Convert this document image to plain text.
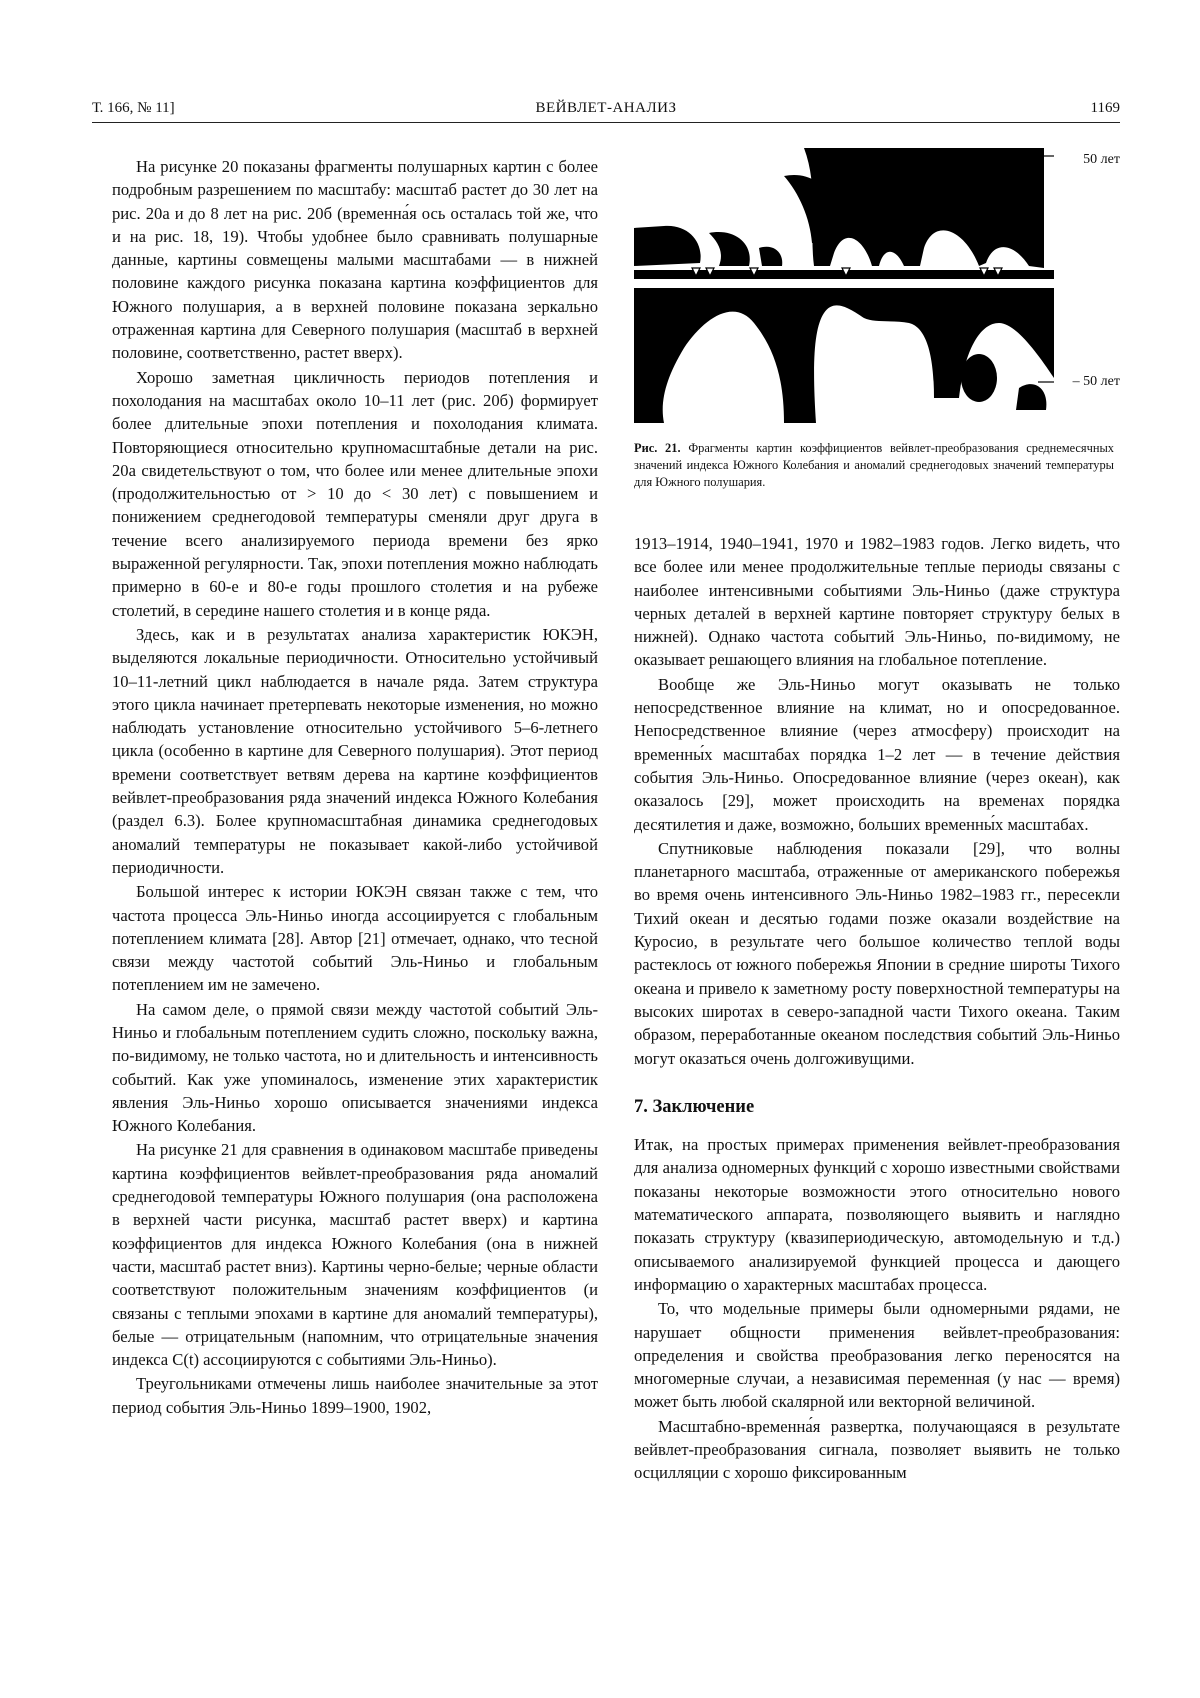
Т. 166, № 11]	ВЕЙВЛЕТ-АНАЛИЗ	1169

На рисунке 20 показаны фрагменты полушарных картин с более подробным разрешением по масштабу: масштаб растет до 30 лет на рис. 20а и до 8 лет на рис. 20б (временна́я ось осталась той же, что и на рис. 18, 19). Чтобы удобнее было сравнивать полушарные данные, картины совмещены малыми масштабами — в нижней половине каждого рисунка показана картина коэффициентов для Южного полушария, а в верхней половине показана зеркально отраженная картина для Северного полушария (масштаб в верхней половине, соответственно, растет вверх).

Хорошо заметная цикличность периодов потепления и похолодания на масштабах около 10–11 лет (рис. 20б) формирует более длительные эпохи потепления и похолодания климата. Повторяющиеся относительно крупномасштабные детали на рис. 20а свидетельствуют о том, что более или менее длительные эпохи (продолжительностью от > 10 до < 30 лет) с повышением и понижением среднегодовой температуры сменяли друг друга в течение всего анализируемого периода времени без ярко выраженной регулярности. Так, эпохи потепления можно наблюдать примерно в 60-е и 80-е годы прошлого столетия и на рубеже столетий, в середине нашего столетия и в конце ряда.

Здесь, как и в результатах анализа характеристик ЮКЭН, выделяются локальные периодичности. Относительно устойчивый 10–11-летний цикл наблюдается в начале ряда. Затем структура этого цикла начинает претерпевать некоторые изменения, но можно наблюдать установление относительно устойчивого 5–6-летнего цикла (особенно в картине для Северного полушария). Этот период времени соответствует ветвям дерева на картине коэффициентов вейвлет-преобразования ряда значений индекса Южного Колебания (раздел 6.3). Более крупномасштабная динамика среднегодовых аномалий температуры не показывает какой-либо устойчивой периодичности.

Большой интерес к истории ЮКЭН связан также с тем, что частота процесса Эль-Ниньо иногда ассоциируется с глобальным потеплением климата [28]. Автор [21] отмечает, однако, что тесной связи между частотой событий Эль-Ниньо и глобальным потеплением им не замечено.

На самом деле, о прямой связи между частотой событий Эль-Ниньо и глобальным потеплением судить сложно, поскольку важна, по-видимому, не только частота, но и длительность и интенсивность событий. Как уже упоминалось, изменение этих характеристик явления Эль-Ниньо хорошо описывается значениями индекса Южного Колебания.

На рисунке 21 для сравнения в одинаковом масштабе приведены картина коэффициентов вейвлет-преобразования ряда аномалий среднегодовой температуры Южного полушария (она расположена в верхней части рисунка, масштаб растет вверх) и картина коэффициентов для индекса Южного Колебания (она в нижней части, масштаб растет вниз). Картины черно-белые; черные области соответствуют положительным значениям коэффициентов (и связаны с теплыми эпохами в картине для аномалий температуры), белые — отрицательным (напомним, что отрицательные значения индекса C(t) ассоциируются с событиями Эль-Ниньо).

Треугольниками отмечены лишь наиболее значительные за этот период события Эль-Ниньо 1899–1900, 1902,

50 лет
– 50 лет
Рис. 21. Фрагменты картин коэффициентов вейвлет-преобразования среднемесячных значений индекса Южного Колебания и аномалий среднегодовых значений температуры для Южного полушария.

1913–1914, 1940–1941, 1970 и 1982–1983 годов. Легко видеть, что все более или менее продолжительные теплые периоды связаны с наиболее интенсивными событиями Эль-Ниньо (даже структура черных деталей в верхней картине повторяет структуру белых в нижней). Однако частота событий Эль-Ниньо, по-видимому, не оказывает решающего влияния на глобальное потепление.

Вообще же Эль-Ниньо могут оказывать не только непосредственное влияние на климат, но и опосредованное. Непосредственное влияние (через атмосферу) происходит на временны́х масштабах порядка 1–2 лет — в течение действия события Эль-Ниньо. Опосредованное влияние (через океан), как оказалось [29], может происходить на временах порядка десятилетия и даже, возможно, больших временны́х масштабах.

Спутниковые наблюдения показали [29], что волны планетарного масштаба, отраженные от американского побережья во время очень интенсивного Эль-Ниньо 1982–1983 гг., пересекли Тихий океан и десятью годами позже оказали воздействие на Куросио, в результате чего большое количество теплой воды растеклось от южного побережья Японии в средние широты Тихого океана и привело к заметному росту поверхностной температуры на высоких широтах в северо-западной части Тихого океана. Таким образом, переработанные океаном последствия событий Эль-Ниньо могут оказаться очень долгоживущими.

7. Заключение

Итак, на простых примерах применения вейвлет-преобразования для анализа одномерных функций с хорошо известными свойствами показаны некоторые возможности этого относительно нового математического аппарата, позволяющего выявить и наглядно показать структуру (квазипериодическую, автомодельную и т.д.) описываемого анализируемой функцией процесса и дающего информацию о характерных масштабах процесса.

То, что модельные примеры были одномерными рядами, не нарушает общности применения вейвлет-преобразования: определения и свойства преобразования легко переносятся на многомерные случаи, а независимая переменная (у нас — время) может быть любой скалярной или векторной величиной.

Масштабно-временна́я развертка, получающаяся в результате вейвлет-преобразования сигнала, позволяет выявить не только осцилляции с хорошо фиксированным
